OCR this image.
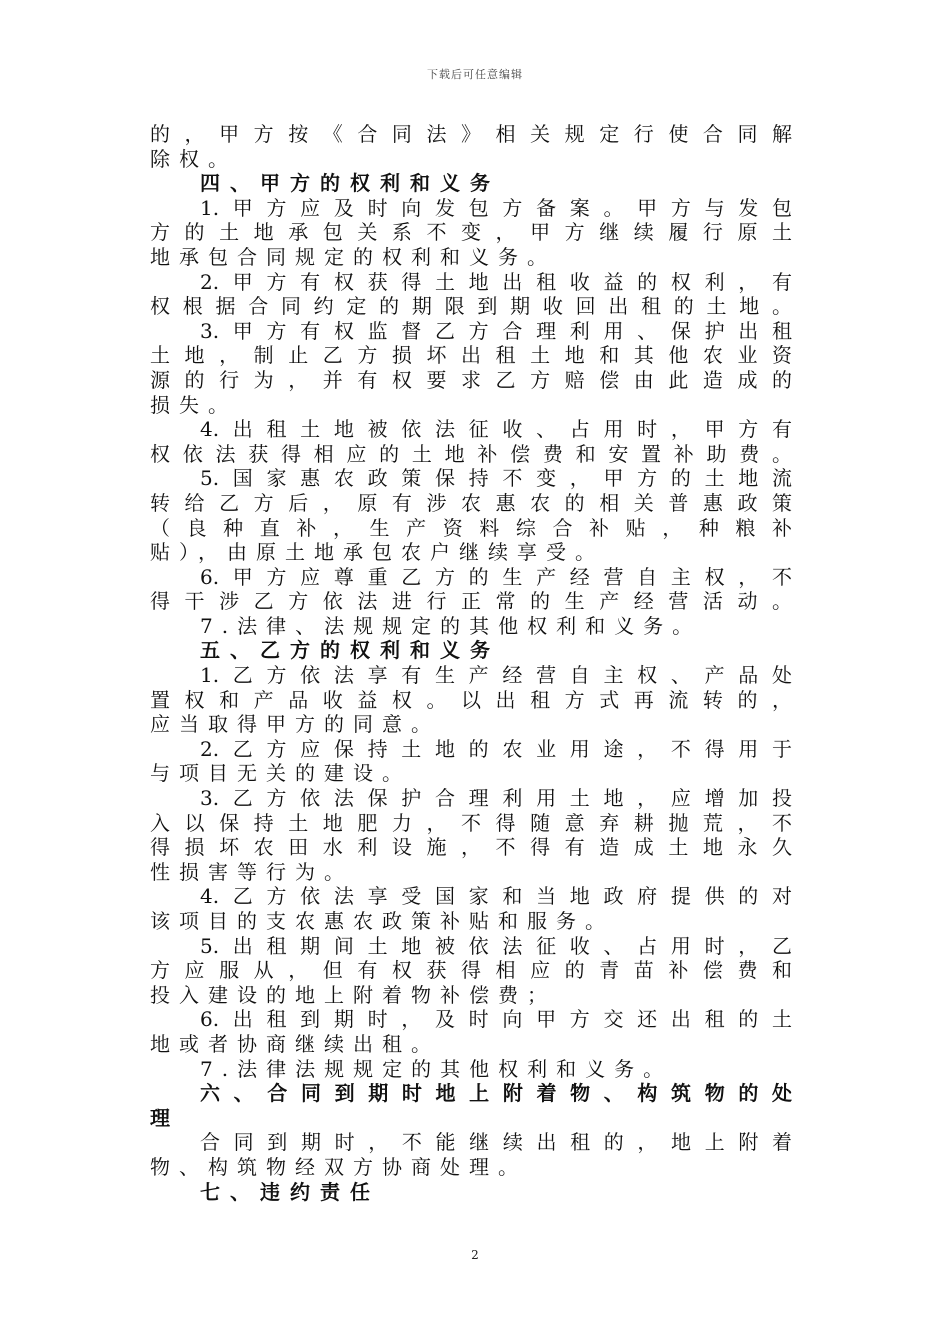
下载后可任意编辑
的，甲方按《合同法》相关规定行使合同解
除权。
四、甲方的权利和义务
1.甲方应及时向发包方备案。甲方与发包
方的土地承包关系不变，甲方继续履行原土
地承包合同规定的权利和义务。
2.甲方有权获得土地出租收益的权利，有
权根据合同约定的期限到期收回出租的土地。
3.甲方有权监督乙方合理利用、保护出租
土地，制止乙方损坏出租土地和其他农业资
源的行为，并有权要求乙方赔偿由此造成的
损失。
4.出租土地被依法征收、占用时，甲方有
权依法获得相应的土地补偿费和安置补助费。
5.国家惠农政策保持不变，甲方的土地流
转给乙方后，原有涉农惠农的相关普惠政策
（良种直补，生产资料综合补贴，种粮补
贴），由原土地承包农户继续享受。
6.甲方应尊重乙方的生产经营自主权，不
得干涉乙方依法进行正常的生产经营活动。
7.法律、法规规定的其他权利和义务。
五、乙方的权利和义务
1.乙方依法享有生产经营自主权、产品处
置权和产品收益权。以出租方式再流转的，
应当取得甲方的同意。
2.乙方应保持土地的农业用途，不得用于
与项目无关的建设。
3.乙方依法保护合理利用土地，应增加投
入以保持土地肥力，不得随意弃耕抛荒，不
得损坏农田水利设施，不得有造成土地永久
性损害等行为。
4.乙方依法享受国家和当地政府提供的对
该项目的支农惠农政策补贴和服务。
5.出租期间土地被依法征收、占用时，乙
方应服从，但有权获得相应的青苗补偿费和
投入建设的地上附着物补偿费；
6.出租到期时，及时向甲方交还出租的土
地或者协商继续出租。
7.法律法规规定的其他权利和义务。
六、合同到期时地上附着物、构筑物的处
理
合同到期时，不能继续出租的，地上附着
物、构筑物经双方协商处理。
七、违约责任
2
